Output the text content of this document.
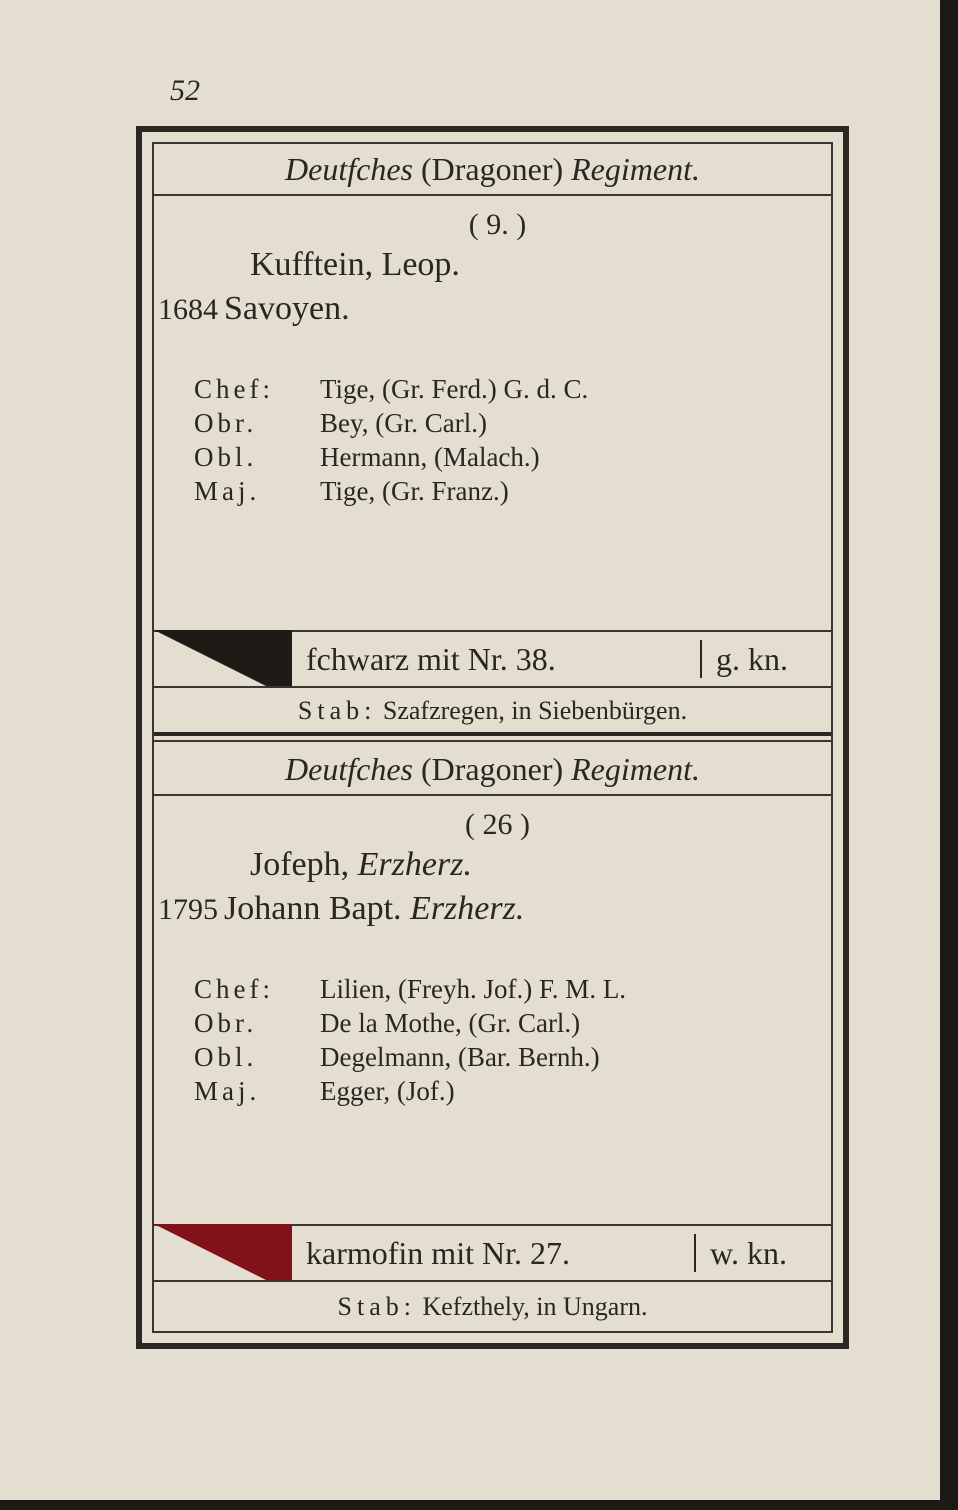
52
Deutfches (Dragoner) Regiment.
( 9. )
Kufftein, Leop.
1684 Savoyen.
Chef: Tige, (Gr. Ferd.) G. d. C.
Obr. Bey, (Gr. Carl.)
Obl. Hermann, (Malach.)
Maj. Tige, (Gr. Franz.)
fchwarz mit Nr. 38.	g. kn.
Stab: Szafzregen, in Siebenbürgen.
Deutfches (Dragoner) Regiment.
( 26 )
Jofeph, Erzherz.
1795 Johann Bapt. Erzherz.
Chef: Lilien, (Freyh. Jof.) F. M. L.
Obr. De la Mothe, (Gr. Carl.)
Obl. Degelmann, (Bar. Bernh.)
Maj. Egger, (Jof.)
karmofin mit Nr. 27.	w. kn.
Stab: Kefzthely, in Ungarn.
